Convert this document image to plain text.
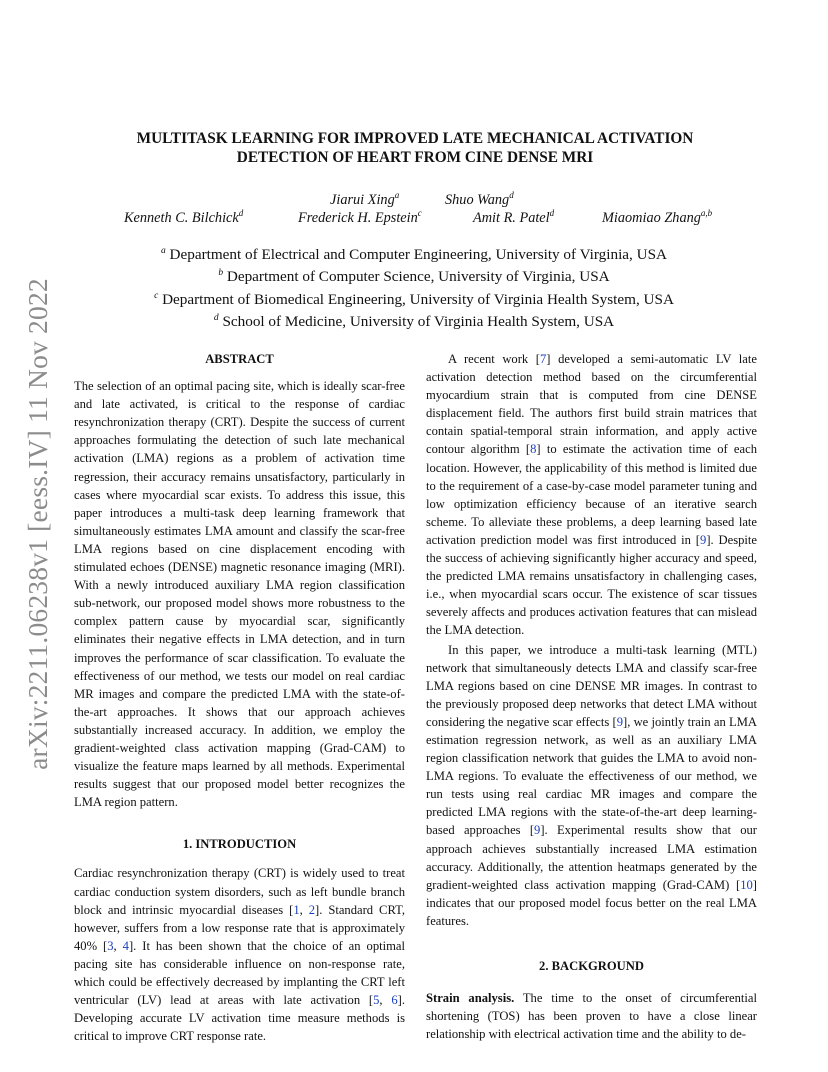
arXiv:2211.06238v1 [eess.IV] 11 Nov 2022
MULTITASK LEARNING FOR IMPROVED LATE MECHANICAL ACTIVATION
DETECTION OF HEART FROM CINE DENSE MRI
Jiarui Xing$^a$	Shuo Wang$^d$
Kenneth C. Bilchick$^d$	Frederick H. Epstein$^c$	Amit R. Patel$^d$	Miaomiao Zhang$^{a,b}$
$^a$ Department of Electrical and Computer Engineering, University of Virginia, USA
$^b$ Department of Computer Science, University of Virginia, USA
$^c$ Department of Biomedical Engineering, University of Virginia Health System, USA
$^d$ School of Medicine, University of Virginia Health System, USA
ABSTRACT

The selection of an optimal pacing site, which is ideally scar-free and late activated, is critical to the response of cardiac resynchronization therapy (CRT). Despite the success of current approaches formulating the detection of such late mechanical activation (LMA) regions as a problem of activation time regression, their accuracy remains unsatisfactory, particularly in cases where myocardial scar exists. To address this issue, this paper introduces a multi-task deep learning framework that simultaneously estimates LMA amount and classify the scar-free LMA regions based on cine displacement encoding with stimulated echoes (DENSE) magnetic resonance imaging (MRI). With a newly introduced auxiliary LMA region classification sub-network, our proposed model shows more robustness to the complex pattern cause by myocardial scar, significantly eliminates their negative effects in LMA detection, and in turn improves the performance of scar classification. To evaluate the effectiveness of our method, we tests our model on real cardiac MR images and compare the predicted LMA with the state-of-the-art approaches. It shows that our approach achieves substantially increased accuracy. In addition, we employ the gradient-weighted class activation mapping (Grad-CAM) to visualize the feature maps learned by all methods. Experimental results suggest that our proposed model better recognizes the LMA region pattern.

1. INTRODUCTION

Cardiac resynchronization therapy (CRT) is widely used to treat cardiac conduction system disorders, such as left bundle branch block and intrinsic myocardial diseases [1, 2]. Standard CRT, however, suffers from a low response rate that is approximately 40% [3, 4]. It has been shown that the choice of an optimal pacing site has considerable influence on non-response rate, which could be effectively decreased by implanting the CRT left ventricular (LV) lead at areas with late activation [5, 6]. Developing accurate LV activation time measure methods is critical to improve CRT response rate.

A recent work [7] developed a semi-automatic LV late activation detection method based on the circumferential myocardium strain that is computed from cine DENSE displacement field. The authors first build strain matrices that contain spatial-temporal strain information, and apply active contour algorithm [8] to estimate the activation time of each location. However, the applicability of this method is limited due to the requirement of a case-by-case model parameter tuning and low optimization efficiency because of an iterative search scheme. To alleviate these problems, a deep learning based late activation prediction model was first introduced in [9]. Despite the success of achieving significantly higher accuracy and speed, the predicted LMA remains unsatisfactory in challenging cases, i.e., when myocardial scars occur. The existence of scar tissues severely affects and produces activation features that can mislead the LMA detection.

In this paper, we introduce a multi-task learning (MTL) network that simultaneously detects LMA and classify scar-free LMA regions based on cine DENSE MR images. In contrast to the previously proposed deep networks that detect LMA without considering the negative scar effects [9], we jointly train an LMA estimation regression network, as well as an auxiliary LMA region classification network that guides the LMA to avoid non-LMA regions. To evaluate the effectiveness of our method, we run tests using real cardiac MR images and compare the predicted LMA regions with the state-of-the-art deep learning-based approaches [9]. Experimental results show that our approach achieves substantially increased LMA estimation accuracy. Additionally, the attention heatmaps generated by the gradient-weighted class activation mapping (Grad-CAM) [10] indicates that our proposed model focus better on the real LMA features.

2. BACKGROUND

Strain analysis. The time to the onset of circumferential shortening (TOS) has been proven to have a close linear relationship with electrical activation time and the ability to de-
